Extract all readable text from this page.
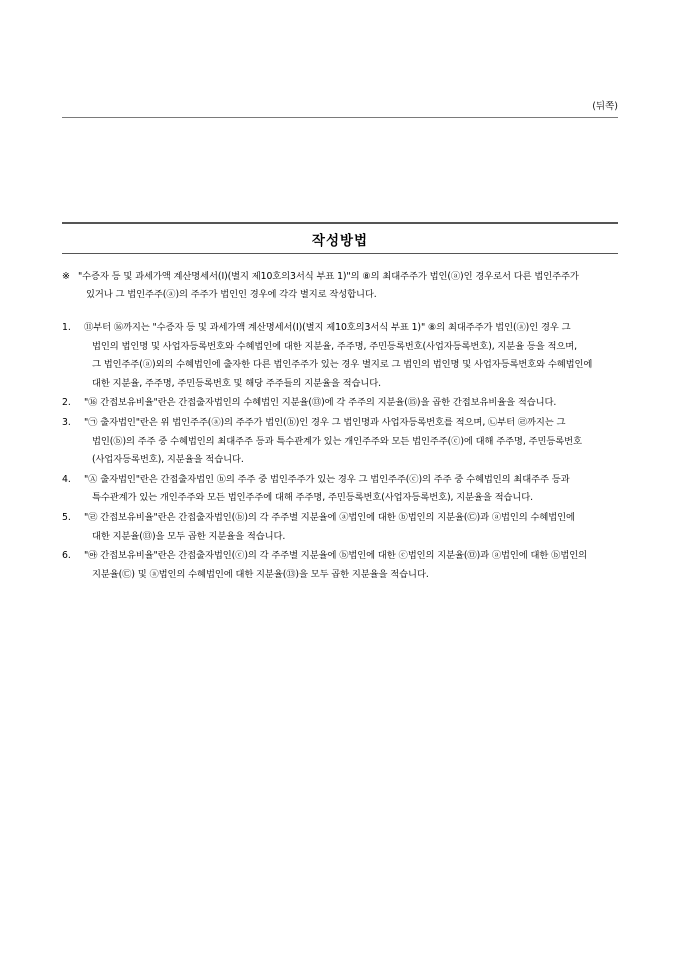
(뒤쪽)
작성방법
※ "수증자 등 및 과세가액 계산명세서(Ⅰ)(별지 제10호의3서식 부표 1)"의 ⑧의 최대주주가 법인(ⓐ)인 경우로서 다른 법인주주가
있거나 그 법인주주(ⓐ)의 주주가 법인인 경우에 각각 별지로 작성합니다.
1.	⑪부터 ⑯까지는 "수증자 등 및 과세가액 계산명세서(Ⅰ)(별지 제10호의3서식 부표 1)" ⑧의 최대주주가 법인(ⓐ)인 경우 그
법인의 법인명 및 사업자등록번호와 수혜법인에 대한 지분율, 주주명, 주민등록번호(사업자등록번호), 지분율 등을 적으며,
그 법인주주(ⓐ)외의 수혜법인에 출자한 다른 법인주주가 있는 경우 별지로 그 법인의 법인명 및 사업자등록번호와 수혜법인에
대한 지분율, 주주명, 주민등록번호 및 해당 주주들의 지분율을 적습니다.
2.	"⑯ 간접보유비율"란은 간접출자법인의 수혜법인 지분율(⑬)에 각 주주의 지분율(⑮)을 곱한 간접보유비율을 적습니다.
3.	"㉠ 출자법인"란은 위 법인주주(ⓐ)의 주주가 법인(ⓑ)인 경우 그 법인명과 사업자등록번호를 적으며, ㉡부터 ㉣까지는 그
법인(ⓑ)의 주주 중 수혜법인의 최대주주 등과 특수관계가 있는 개인주주와 모든 법인주주(ⓒ)에 대해 주주명, 주민등록번호
(사업자등록번호), 지분율을 적습니다.
4.	"Ⓐ 출자법인"란은 간접출자법인 ⓑ의 주주 중 법인주주가 있는 경우 그 법인주주(ⓒ)의 주주 중 수혜법인의 최대주주 등과
특수관계가 있는 개인주주와 모든 법인주주에 대해 주주명, 주민등록번호(사업자등록번호), 지분율을 적습니다.
5.	"㉣ 간접보유비율"란은 간접출자법인(ⓑ)의 각 주주별 지분율에 ⓐ법인에 대한 ⓑ법인의 지분율(㉢)과 ⓐ법인의 수혜법인에
대한 지분율(⑬)을 모두 곱한 지분율을 적습니다.
6.	"㉵ 간접보유비율"란은 간접출자법인(ⓒ)의 각 주주별 지분율에 ⓑ법인에 대한 ⓒ법인의 지분율(㉤)과 ⓐ법인에 대한 ⓑ법인의
지분율(㉢) 및 ⓐ법인의 수혜법인에 대한 지분율(⑬)을 모두 곱한 지분율을 적습니다.
